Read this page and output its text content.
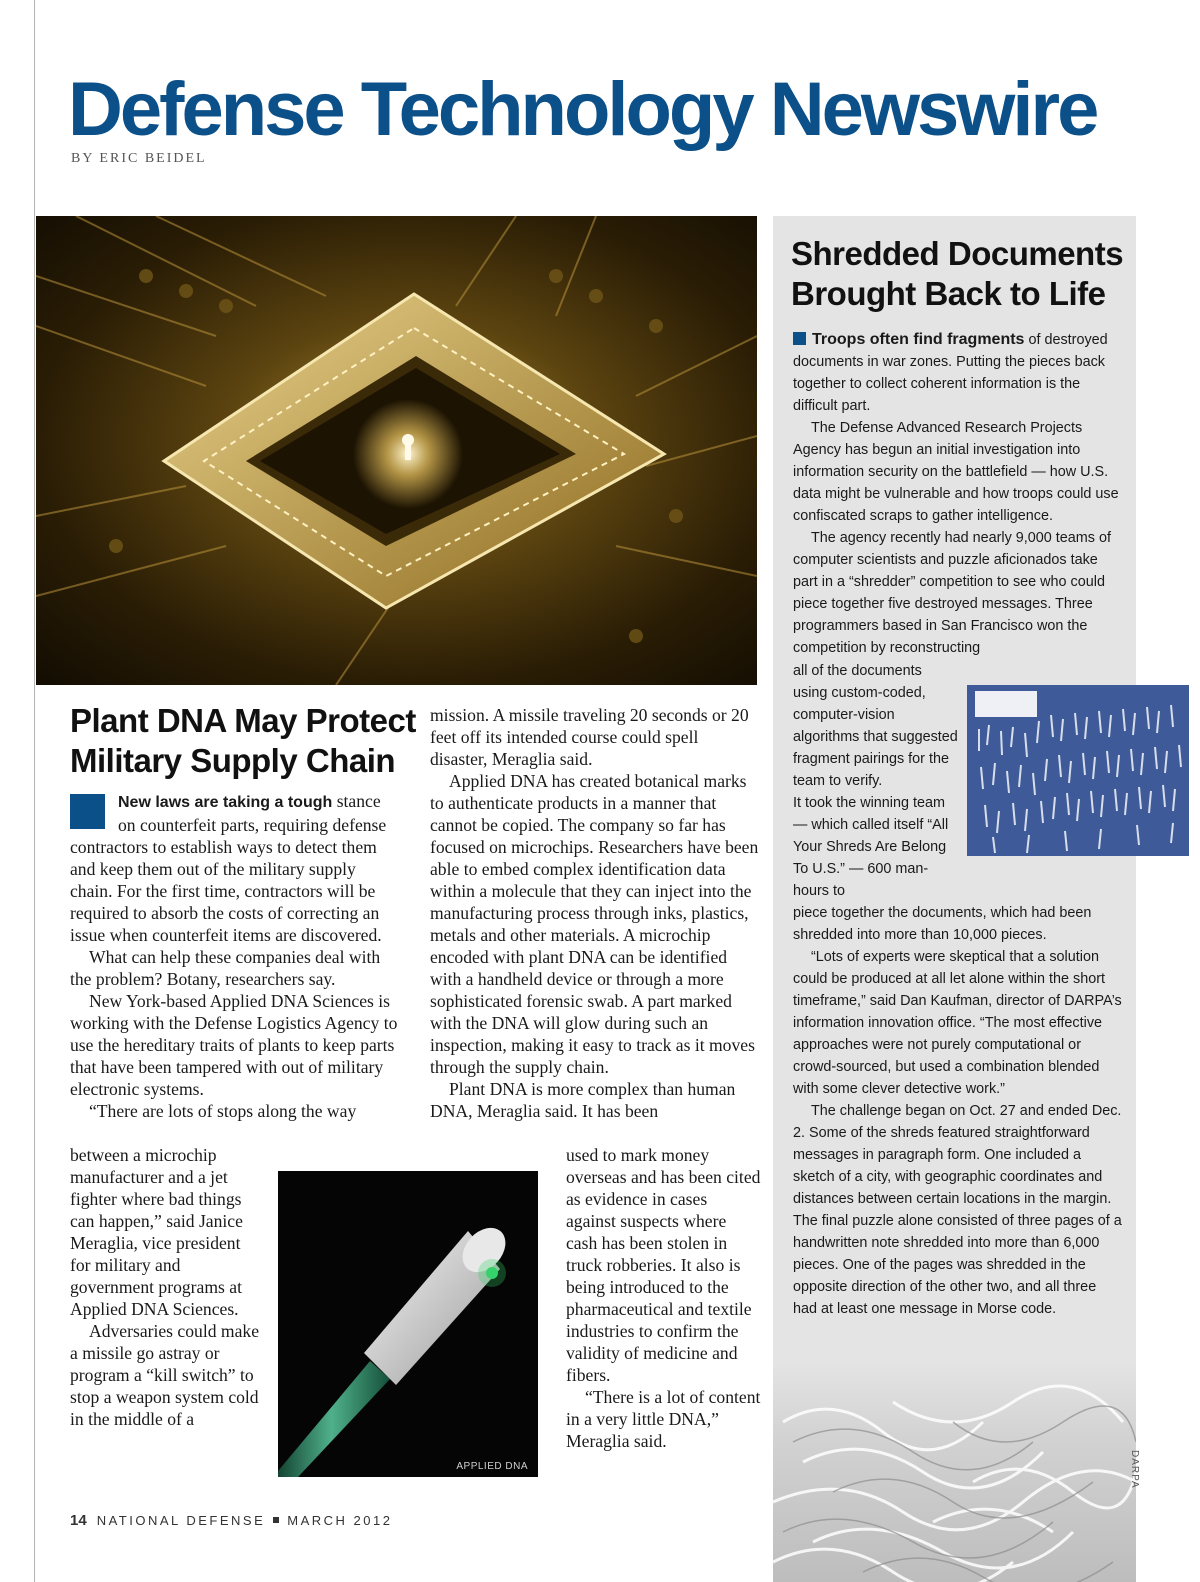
Defense Technology Newswire
BY ERIC BEIDEL
Plant DNA May Protect Military Supply Chain

New laws are taking a tough stance on counterfeit parts, requiring defense contractors to establish ways to detect them and keep them out of the military supply chain. For the first time, contractors will be required to absorb the costs of correcting an issue when counterfeit items are discovered.

What can help these companies deal with the problem? Botany, researchers say.

New York-based Applied DNA Sciences is working with the Defense Logistics Agency to use the hereditary traits of plants to keep parts that have been tampered with out of military electronic systems.

“There are lots of stops along the way

between a microchip manufacturer and a jet fighter where bad things can happen,” said Janice Meraglia, vice president for military and government programs at Applied DNA Sciences.

Adversaries could make a missile go astray or program a “kill switch” to stop a weapon system cold in the middle of a

mission. A missile traveling 20 seconds or 20 feet off its intended course could spell disaster, Meraglia said.

Applied DNA has created botanical marks to authenticate products in a manner that cannot be copied. The company so far has focused on microchips. Researchers have been able to embed complex identification data within a molecule that they can inject into the manufacturing process through inks, plastics, metals and other materials. A microchip encoded with plant DNA can be identified with a handheld device or through a more sophisticated forensic swab. A part marked with the DNA will glow during such an inspection, making it easy to track as it moves through the supply chain.

Plant DNA is more complex than human DNA, Meraglia said. It has been

used to mark money overseas and has been cited as evidence in cases against suspects where cash has been stolen in truck robberies. It also is being introduced to the pharmaceutical and textile industries to confirm the validity of medicine and fibers.

“There is a lot of content in a very little DNA,” Meraglia said.

APPLIED DNA
Shredded Documents Brought Back to Life

Troops often find fragments of destroyed documents in war zones. Putting the pieces back together to collect coherent information is the difficult part.

The Defense Advanced Research Projects Agency has begun an initial investigation into information security on the battlefield — how U.S. data might be vulnerable and how troops could use confiscated scraps to gather intelligence.

The agency recently had nearly 9,000 teams of computer scientists and puzzle aficionados take part in a “shredder” competition to see who could piece together five destroyed messages. Three programmers based in San Francisco won the competition by reconstructing

all of the documents using custom-coded, computer-vision algorithms that suggested fragment pairings for the team to verify.

It took the winning team — which called itself “All Your Shreds Are Belong To U.S.” — 600 man-hours to

piece together the documents, which had been shredded into more than 10,000 pieces.

“Lots of experts were skeptical that a solution could be produced at all let alone within the short timeframe,” said Dan Kaufman, director of DARPA’s information innovation office. “The most effective approaches were not purely computational or crowd-sourced, but used a combination blended with some clever detective work.”

The challenge began on Oct. 27 and ended Dec. 2. Some of the shreds featured straightforward messages in paragraph form. One included a sketch of a city, with geographic coordinates and distances between certain locations in the margin. The final puzzle alone consisted of three pages of a handwritten note shredded into more than 6,000 pieces. One of the pages was shredded in the opposite direction of the other two, and all three had at least one message in Morse code.

DARPA
14 NATIONAL DEFENSE MARCH 2012
